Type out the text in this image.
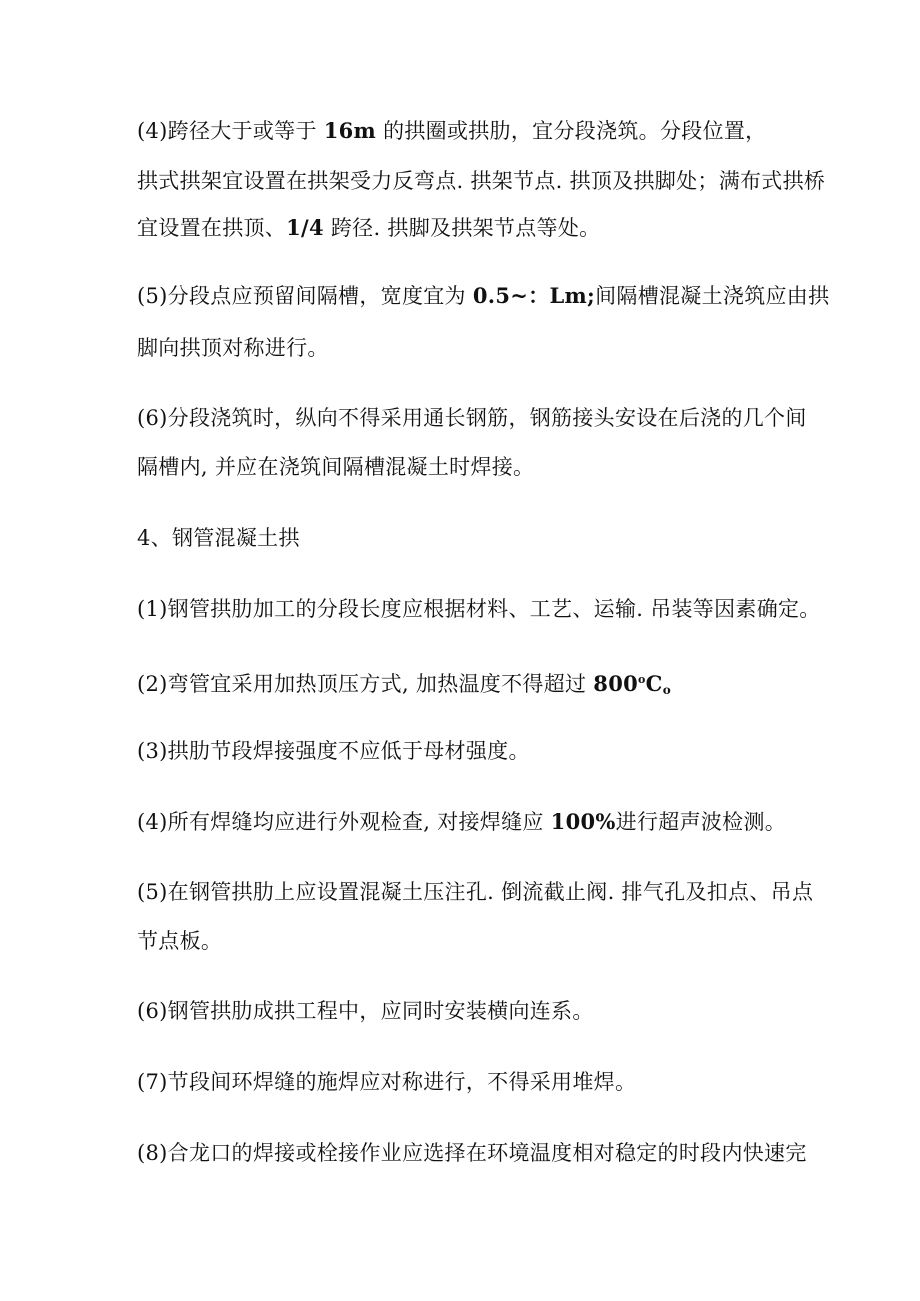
(4)跨径大于或等于 16m 的拱圈或拱肋，宜分段浇筑。分段位置，
拱式拱架宜设置在拱架受力反弯点. 拱架节点. 拱顶及拱脚处；满布式拱桥
宜设置在拱顶、1/4 跨径. 拱脚及拱架节点等处。
(5)分段点应预留间隔槽，宽度宜为 0.5~：Lm;间隔槽混凝土浇筑应由拱
脚向拱顶对称进行。
(6)分段浇筑时，纵向不得采用通长钢筋，钢筋接头安设在后浇的几个间
隔槽内, 并应在浇筑间隔槽混凝土时焊接。
4、钢管混凝土拱
(1)钢管拱肋加工的分段长度应根据材料、工艺、运输. 吊装等因素确定。
(2)弯管宜采用加热顶压方式, 加热温度不得超过 $800^oC_o$
(3)拱肋节段焊接强度不应低于母材强度。
(4)所有焊缝均应进行外观检查, 对接焊缝应 100%进行超声波检测。
(5)在钢管拱肋上应设置混凝土压注孔. 倒流截止阀. 排气孔及扣点、吊点
节点板。
(6)钢管拱肋成拱工程中，应同时安装横向连系。
(7)节段间环焊缝的施焊应对称进行，不得采用堆焊。
(8)合龙口的焊接或栓接作业应选择在环境温度相对稳定的时段内快速完
